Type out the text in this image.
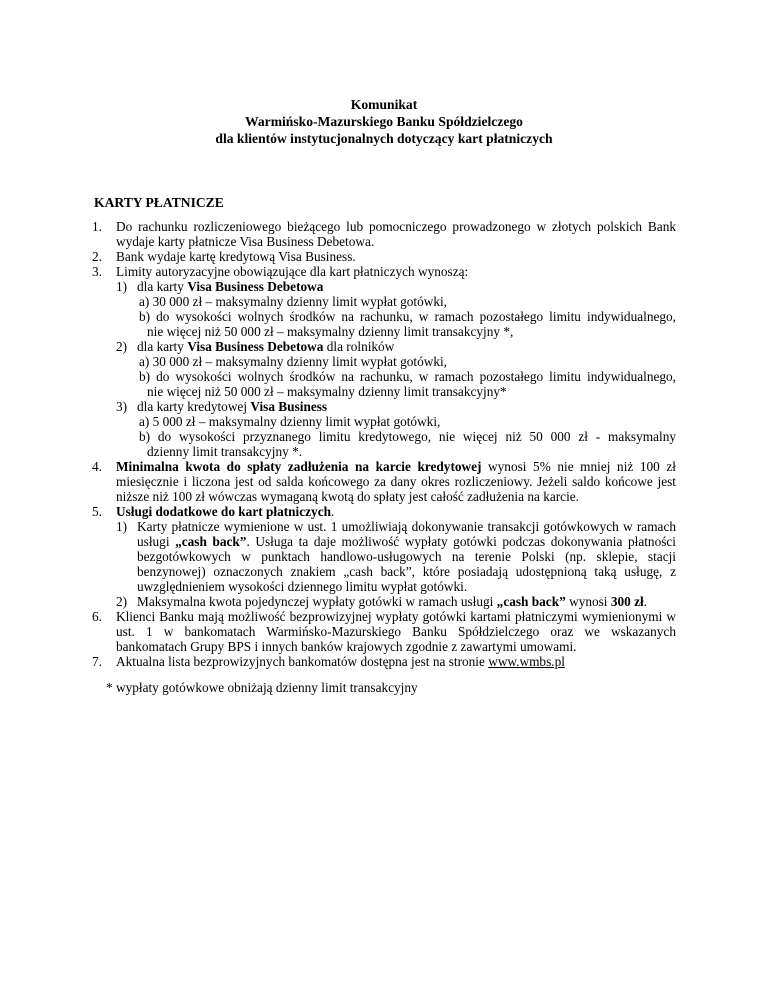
Komunikat
Warmińsko-Mazurskiego Banku Spółdzielczego
dla klientów instytucjonalnych dotyczący kart płatniczych
KARTY PŁATNICZE
1. Do rachunku rozliczeniowego bieżącego lub pomocniczego prowadzonego w złotych polskich Bank
wydaje karty płatnicze Visa Business Debetowa.
2. Bank wydaje kartę kredytową Visa Business.
3. Limity autoryzacyjne obowiązujące dla kart płatniczych wynoszą:
1) dla karty Visa Business Debetowa
a) 30 000 zł – maksymalny dzienny limit wypłat gotówki,
b) do wysokości wolnych środków na rachunku, w ramach pozostałego limitu indywidualnego,
nie więcej niż 50 000 zł – maksymalny dzienny limit transakcyjny *,
2) dla karty Visa Business Debetowa dla rolników
a) 30 000 zł – maksymalny dzienny limit wypłat gotówki,
b) do wysokości wolnych środków na rachunku, w ramach pozostałego limitu indywidualnego,
nie więcej niż 50 000 zł – maksymalny dzienny limit transakcyjny*
3) dla karty kredytowej Visa Business
a) 5 000 zł – maksymalny dzienny limit wypłat gotówki,
b) do wysokości przyznanego limitu kredytowego, nie więcej niż 50 000 zł - maksymalny
dzienny limit transakcyjny *.
4. Minimalna kwota do spłaty zadłużenia na karcie kredytowej wynosi 5% nie mniej niż 100 zł
miesięcznie i liczona jest od salda końcowego za dany okres rozliczeniowy. Jeżeli saldo końcowe jest
niższe niż 100 zł wówczas wymaganą kwotą do spłaty jest całość zadłużenia na karcie.
5. Usługi dodatkowe do kart płatniczych.
1) Karty płatnicze wymienione w ust. 1 umożliwiają dokonywanie transakcji gotówkowych w ramach
usługi „cash back”. Usługa ta daje możliwość wypłaty gotówki podczas dokonywania płatności
bezgotówkowych w punktach handlowo-usługowych na terenie Polski (np. sklepie, stacji
benzynowej) oznaczonych znakiem „cash back”, które posiadają udostępnioną taką usługę, z
uwzględnieniem wysokości dziennego limitu wypłat gotówki.
2) Maksymalna kwota pojedynczej wypłaty gotówki w ramach usługi „cash back” wynosi 300 zł.
6. Klienci Banku mają możliwość bezprowizyjnej wypłaty gotówki kartami płatniczymi wymienionymi w
ust. 1 w bankomatach Warmińsko-Mazurskiego Banku Spółdzielczego oraz we wskazanych
bankomatach Grupy BPS i innych banków krajowych zgodnie z zawartymi umowami.
7. Aktualna lista bezprowizyjnych bankomatów dostępna jest na stronie www.wmbs.pl
* wypłaty gotówkowe obniżają dzienny limit transakcyjny
